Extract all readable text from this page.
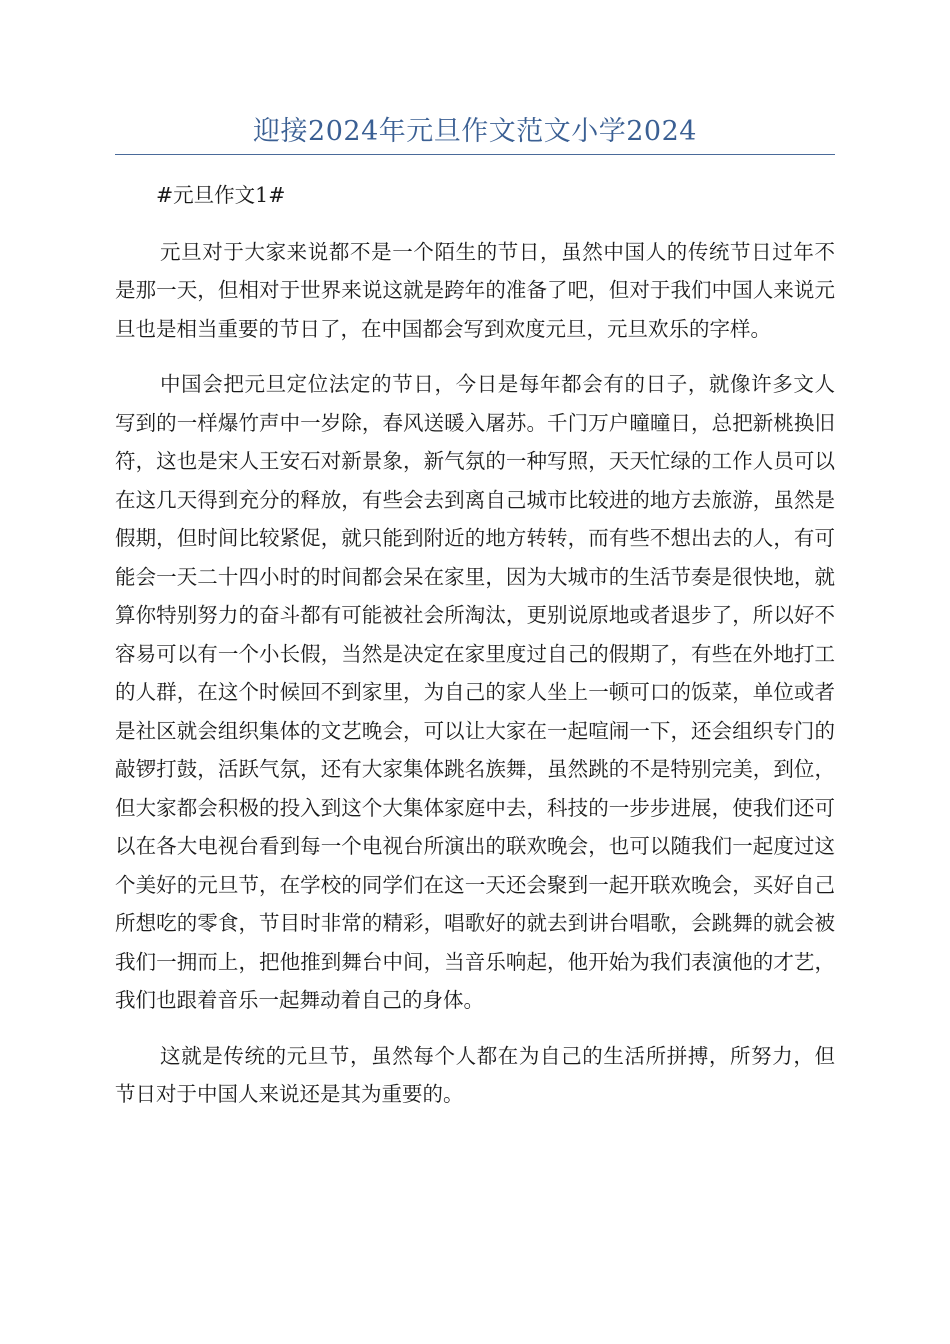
迎接2024年元旦作文范文小学2024

#元旦作文1#

元旦对于大家来说都不是一个陌生的节日，虽然中国人的传统节日过年不是那一天，但相对于世界来说这就是跨年的准备了吧，但对于我们中国人来说元旦也是相当重要的节日了，在中国都会写到欢度元旦，元旦欢乐的字样。

中国会把元旦定位法定的节日，今日是每年都会有的日子，就像许多文人写到的一样爆竹声中一岁除，春风送暖入屠苏。千门万户曈曈日，总把新桃换旧符，这也是宋人王安石对新景象，新气氛的一种写照，天天忙绿的工作人员可以在这几天得到充分的释放，有些会去到离自己城市比较进的地方去旅游，虽然是假期，但时间比较紧促，就只能到附近的地方转转，而有些不想出去的人，有可能会一天二十四小时的时间都会呆在家里，因为大城市的生活节奏是很快地，就算你特别努力的奋斗都有可能被社会所淘汰，更别说原地或者退步了，所以好不容易可以有一个小长假，当然是决定在家里度过自己的假期了，有些在外地打工的人群，在这个时候回不到家里，为自己的家人坐上一顿可口的饭菜，单位或者是社区就会组织集体的文艺晚会，可以让大家在一起喧闹一下，还会组织专门的敲锣打鼓，活跃气氛，还有大家集体跳名族舞，虽然跳的不是特别完美，到位，但大家都会积极的投入到这个大集体家庭中去，科技的一步步进展，使我们还可以在各大电视台看到每一个电视台所演出的联欢晚会，也可以随我们一起度过这个美好的元旦节，在学校的同学们在这一天还会聚到一起开联欢晚会，买好自己所想吃的零食，节目时非常的精彩，唱歌好的就去到讲台唱歌，会跳舞的就会被我们一拥而上，把他推到舞台中间，当音乐响起，他开始为我们表演他的才艺，我们也跟着音乐一起舞动着自己的身体。

这就是传统的元旦节，虽然每个人都在为自己的生活所拼搏，所努力，但节日对于中国人来说还是其为重要的。
